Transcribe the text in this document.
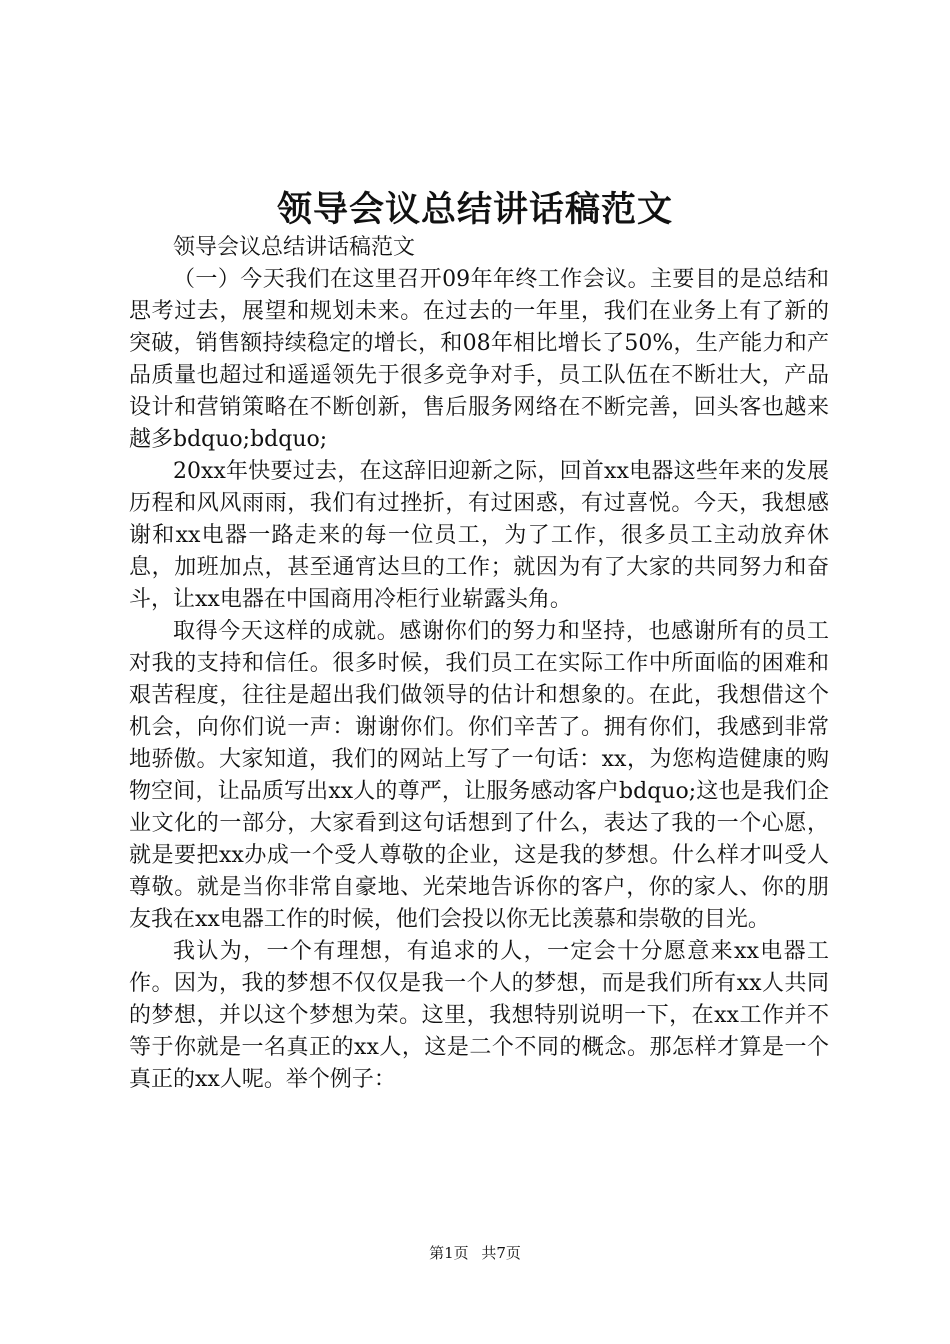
领导会议总结讲话稿范文

领导会议总结讲话稿范文

（一）今天我们在这里召开09年年终工作会议。主要目的是总结和思考过去，展望和规划未来。在过去的一年里，我们在业务上有了新的突破，销售额持续稳定的增长，和08年相比增长了50%，生产能力和产品质量也超过和遥遥领先于很多竞争对手，员工队伍在不断壮大，产品设计和营销策略在不断创新，售后服务网络在不断完善，回头客也越来越多bdquo;bdquo;

20xx年快要过去，在这辞旧迎新之际，回首xx电器这些年来的发展历程和风风雨雨，我们有过挫折，有过困惑，有过喜悦。今天，我想感谢和xx电器一路走来的每一位员工，为了工作，很多员工主动放弃休息，加班加点，甚至通宵达旦的工作；就因为有了大家的共同努力和奋斗，让xx电器在中国商用冷柜行业崭露头角。

取得今天这样的成就。感谢你们的努力和坚持，也感谢所有的员工对我的支持和信任。很多时候，我们员工在实际工作中所面临的困难和艰苦程度，往往是超出我们做领导的估计和想象的。在此，我想借这个机会，向你们说一声：谢谢你们。你们辛苦了。拥有你们，我感到非常地骄傲。大家知道，我们的网站上写了一句话：xx，为您构造健康的购物空间，让品质写出xx人的尊严，让服务感动客户bdquo;这也是我们企业文化的一部分，大家看到这句话想到了什么，表达了我的一个心愿，就是要把xx办成一个受人尊敬的企业，这是我的梦想。什么样才叫受人尊敬。就是当你非常自豪地、光荣地告诉你的客户，你的家人、你的朋友我在xx电器工作的时候，他们会投以你无比羡慕和崇敬的目光。

我认为，一个有理想，有追求的人，一定会十分愿意来xx电器工作。因为，我的梦想不仅仅是我一个人的梦想，而是我们所有xx人共同的梦想，并以这个梦想为荣。这里，我想特别说明一下，在xx工作并不等于你就是一名真正的xx人，这是二个不同的概念。那怎样才算是一个真正的xx人呢。举个例子：

第1页 共7页
